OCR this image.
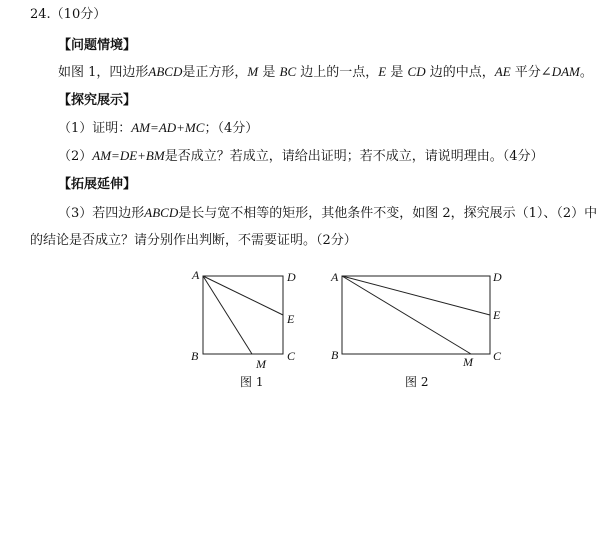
24.（10分）
【问题情境】
如图 1，四边形ABCD是正方形，M 是 BC 边上的一点，E 是 CD 边的中点，AE 平分∠DAM。
【探究展示】
（1）证明：AM=AD+MC；（4分）
（2）AM=DE+BM是否成立？若成立，请给出证明；若不成立，请说明理由。（4分）
【拓展延伸】
（3）若四边形ABCD是长与宽不相等的矩形，其他条件不变，如图 2，探究展示（1）、（2）中
的结论是否成立？请分别作出判断，不需要证明。（2分）
A	D
E
B
M
C
图 1
A	D
E
B	M C
图 2
